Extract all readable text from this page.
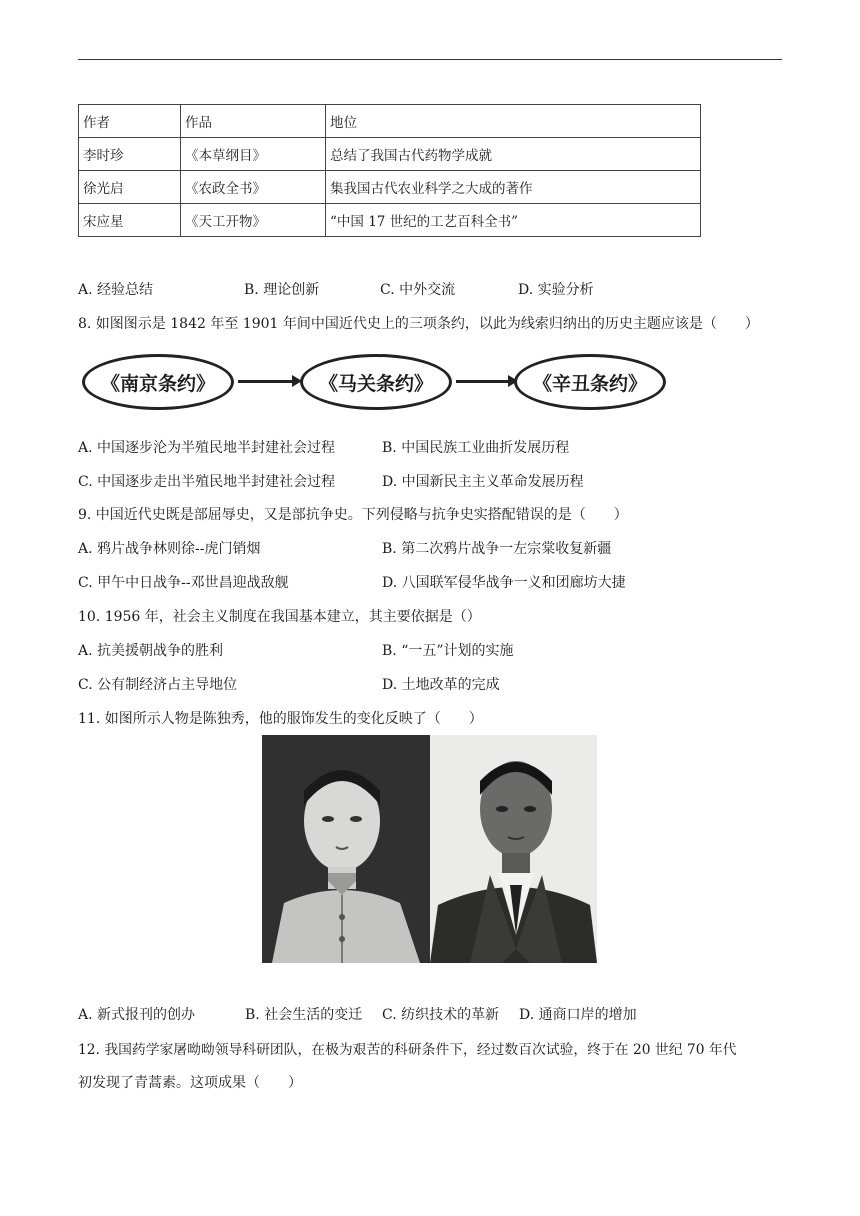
作者	作品	地位
李时珍	《本草纲目》	总结了我国古代药物学成就
徐光启	《农政全书》	集我国古代农业科学之大成的著作
宋应星	《天工开物》	“中国 17 世纪的工艺百科全书”
A. 经验总结	B. 理论创新	C. 中外交流	D. 实验分析
8. 如图图示是 1842 年至 1901 年间中国近代史上的三项条约，以此为线索归纳出的历史主题应该是（　　）
《南京条约》	《马关条约》	《辛丑条约》
A. 中国逐步沦为半殖民地半封建社会过程	B. 中国民族工业曲折发展历程
C. 中国逐步走出半殖民地半封建社会过程	D. 中国新民主主义革命发展历程
9. 中国近代史既是部屈辱史，又是部抗争史。下列侵略与抗争史实搭配错误的是（　　）
A. 鸦片战争林则徐--虎门销烟	B. 第二次鸦片战争一左宗棠收复新疆
C. 甲午中日战争--邓世昌迎战敌舰	D. 八国联军侵华战争一义和团廊坊大捷
10. 1956 年，社会主义制度在我国基本建立，其主要依据是（）
A. 抗美援朝战争的胜利	B. “一五”计划的实施
C. 公有制经济占主导地位	D. 土地改革的完成
11. 如图所示人物是陈独秀，他的服饰发生的变化反映了（　　）
A. 新式报刊的创办	B. 社会生活的变迁 C. 纺织技术的革新 D. 通商口岸的增加
12. 我国药学家屠呦呦领导科研团队，在极为艰苦的科研条件下，经过数百次试验，终于在 20 世纪 70 年代
初发现了青蒿素。这项成果（　　）
